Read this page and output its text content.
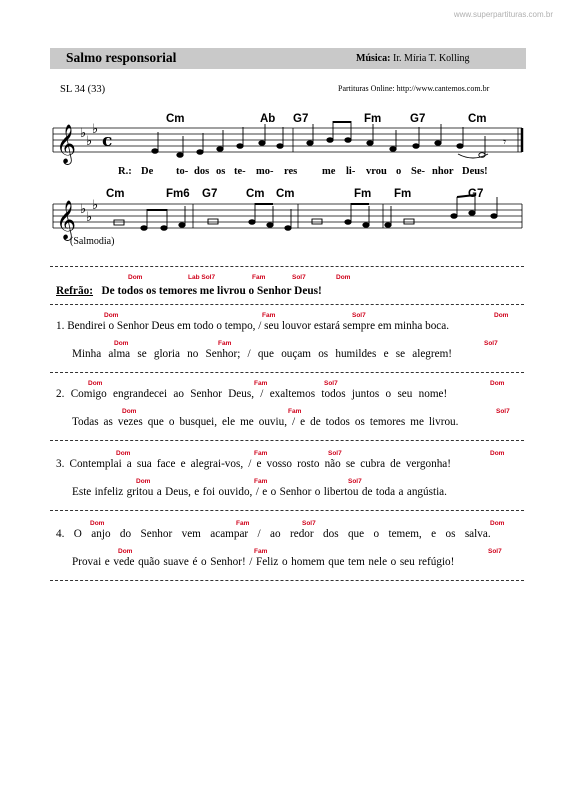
www.superpartituras.com.br
Salmo responsorial	Música: Ir. Míria T. Kolling
SL 34 (33)	Partituras Online: http://www.cantemos.com.br
𝄞 ♭
♭
♭
c	𝄾
Cm	Ab G7	Fm	G7	Cm
R.: De to- dos os te- mo- res me li- vrou o Se- nhor Deus!
𝄞 ♭
♭
♭
Cm	Fm6 G7 Cm Cm	Fm Fm	G7
(Salmodia)
Dom	Lab Sol7	Fam	Sol7	Dom
Refrão: De todos os temores me livrou o Senhor Deus!
Dom	Fam	Sol7	Dom
1. Bendirei o Senhor Deus em todo o tempo, / seu louvor estará sempre em minha boca.
Dom	Fam	Sol7
Minha alma se gloria no Senhor; / que ouçam os humildes e se alegrem!
Dom	Fam	Sol7	Dom
2. Comigo engrandecei ao Senhor Deus, / exaltemos todos juntos o seu nome!
Dom	Fam	Sol7
Todas as vezes que o busquei, ele me ouviu, / e de todos os temores me livrou.
Dom	Fam	Sol7	Dom
3. Contemplai a sua face e alegrai-vos, / e vosso rosto não se cubra de vergonha!
Dom	Fam	Sol7
Este infeliz gritou a Deus, e foi ouvido, / e o Senhor o libertou de toda a angústia.
Dom	Fam	Sol7	Dom
4. O anjo do Senhor vem acampar / ao redor dos que o temem, e os salva.
Dom	Fam	Sol7
Provai e vede quão suave é o Senhor! / Feliz o homem que tem nele o seu refúgio!
